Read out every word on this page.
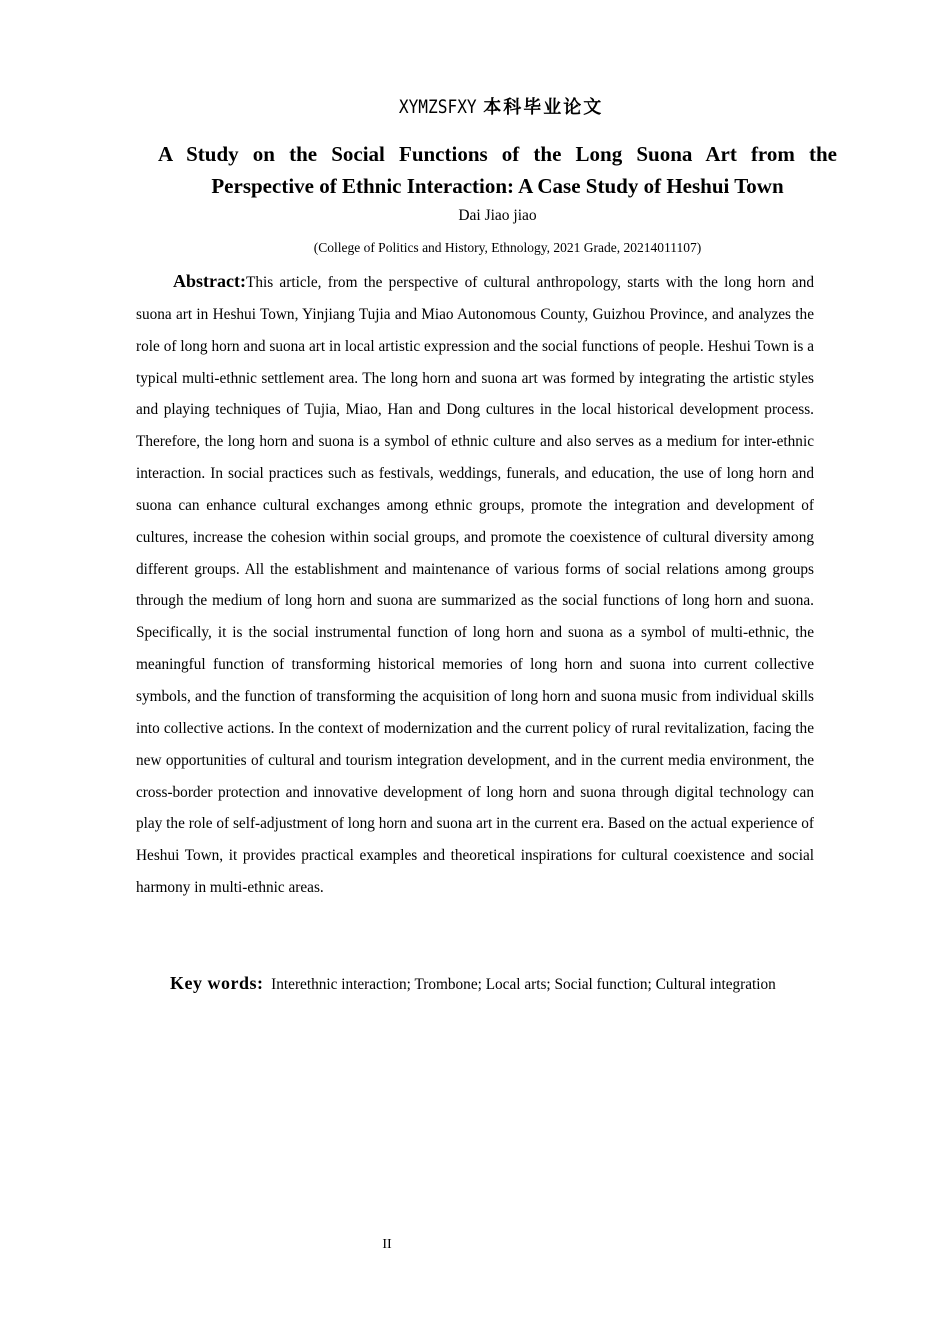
XYMZSFXY 本科毕业论文
A Study on the Social Functions of the Long Suona Art from the Perspective of Ethnic Interaction: A Case Study of Heshui Town
Dai Jiao jiao
(College of Politics and History, Ethnology, 2021 Grade, 20214011107)

Abstract:This article, from the perspective of cultural anthropology, starts with the long horn and suona art in Heshui Town, Yinjiang Tujia and Miao Autonomous County, Guizhou Province, and analyzes the role of long horn and suona art in local artistic expression and the social functions of people. Heshui Town is a typical multi-ethnic settlement area. The long horn and suona art was formed by integrating the artistic styles and playing techniques of Tujia, Miao, Han and Dong cultures in the local historical development process. Therefore, the long horn and suona is a symbol of ethnic culture and also serves as a medium for inter-ethnic interaction. In social practices such as festivals, weddings, funerals, and education, the use of long horn and suona can enhance cultural exchanges among ethnic groups, promote the integration and development of cultures, increase the cohesion within social groups, and promote the coexistence of cultural diversity among different groups. All the establishment and maintenance of various forms of social relations among groups through the medium of long horn and suona are summarized as the social functions of long horn and suona. Specifically, it is the social instrumental function of long horn and suona as a symbol of multi-ethnic, the meaningful function of transforming historical memories of long horn and suona into current collective symbols, and the function of transforming the acquisition of long horn and suona music from individual skills into collective actions. In the context of modernization and the current policy of rural revitalization, facing the new opportunities of cultural and tourism integration development, and in the current media environment, the cross-border protection and innovative development of long horn and suona through digital technology can play the role of self-adjustment of long horn and suona art in the current era. Based on the actual experience of Heshui Town, it provides practical examples and theoretical inspirations for cultural coexistence and social harmony in multi-ethnic areas.

Key words: Interethnic interaction; Trombone; Local arts; Social function; Cultural integration

II
